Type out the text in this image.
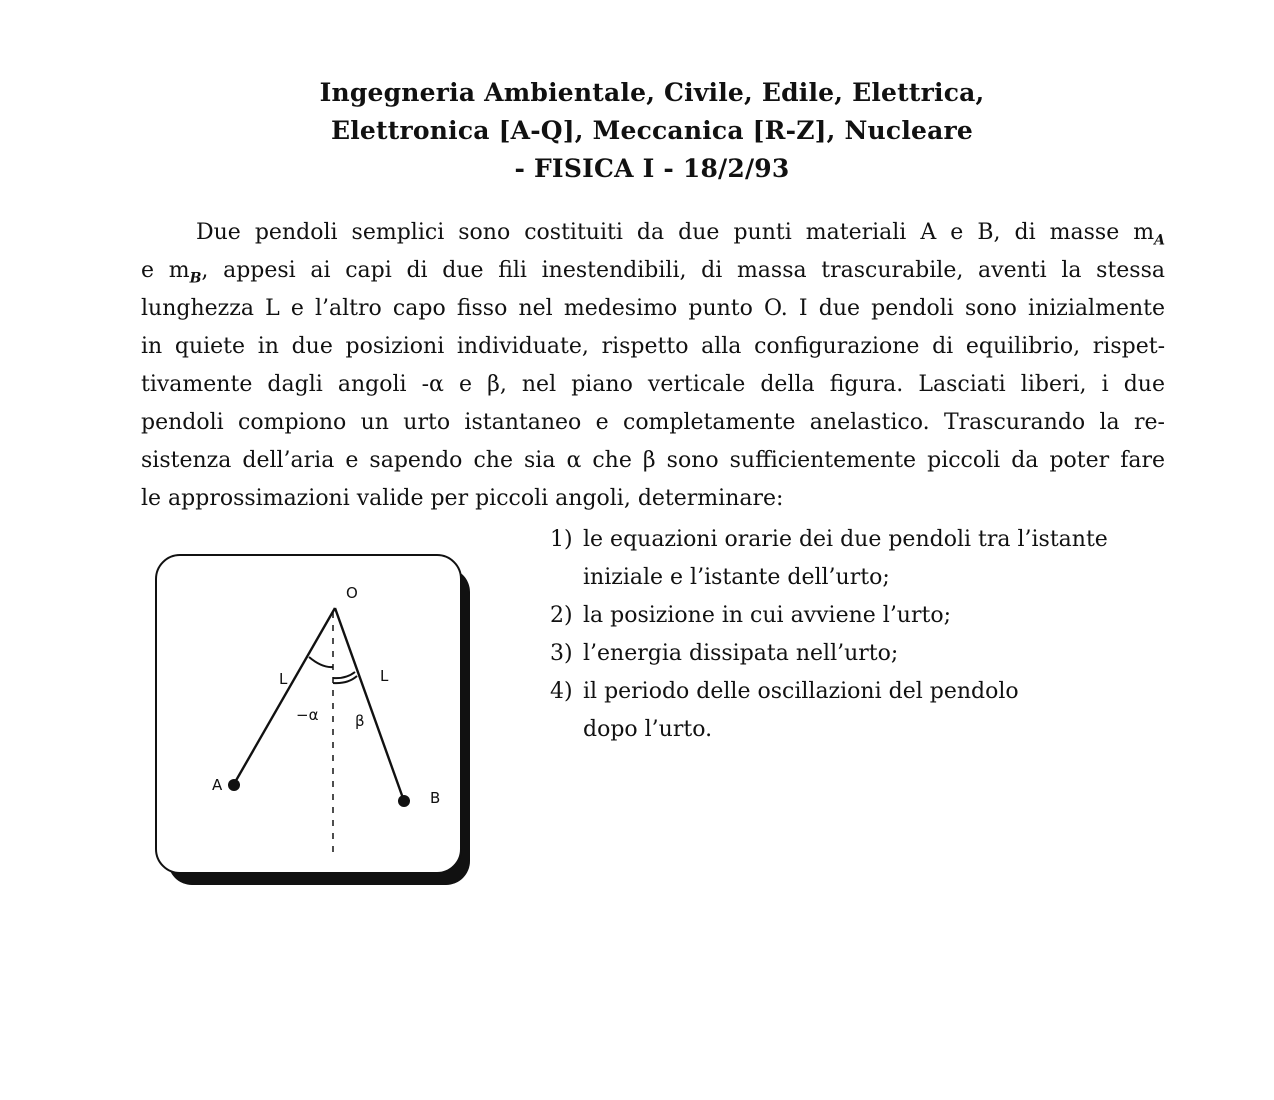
Ingegneria Ambientale, Civile, Edile, Elettrica,
Elettronica [A-Q], Meccanica [R-Z], Nucleare
- FISICA I - 18/2/93
Due pendoli semplici sono costituiti da due punti materiali A e B, di masse $m_A$
e $m_B$, appesi ai capi di due fili inestendibili, di massa trascurabile, aventi la stessa
lunghezza L e l’altro capo fisso nel medesimo punto O. I due pendoli sono inizialmente
in quiete in due posizioni individuate, rispetto alla configurazione di equilibrio, rispet-
tivamente dagli angoli -α e β, nel piano verticale della figura. Lasciati liberi, i due
pendoli compiono un urto istantaneo e completamente anelastico. Trascurando la re-
sistenza dell’aria e sapendo che sia α che β sono sufficientemente piccoli da poter fare
le approssimazioni valide per piccoli angoli, determinare:
1) le equazioni orarie dei due pendoli tra l’istante
iniziale e l’istante dell’urto;
2) la posizione in cui avviene l’urto;
3) l’energia dissipata nell’urto;
4) il periodo delle oscillazioni del pendolo
dopo l’urto.
O
L	L
−α β
A
B
